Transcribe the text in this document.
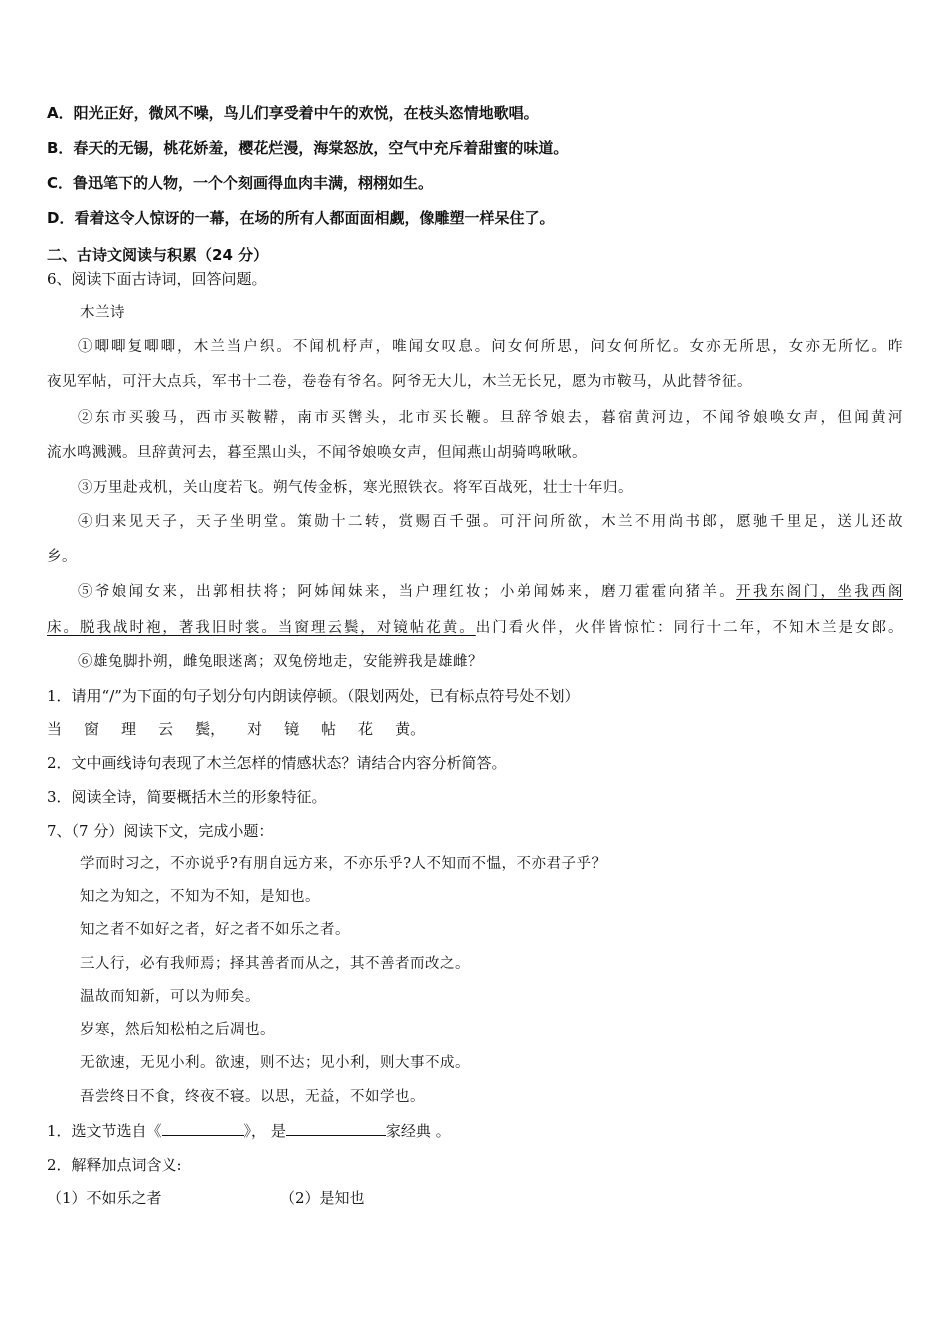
A．阳光正好，微风不噪，鸟儿们享受着中午的欢悦，在枝头恣情地歌唱。
B．春天的无锡，桃花娇羞，樱花烂漫，海棠怒放，空气中充斥着甜蜜的味道。
C．鲁迅笔下的人物，一个个刻画得血肉丰满，栩栩如生。
D．看着这令人惊讶的一幕，在场的所有人都面面相觑，像雕塑一样呆住了。
二、古诗文阅读与积累（24 分）
6、阅读下面古诗词，回答问题。
木兰诗
①唧唧复唧唧，木兰当户织。不闻机杼声，唯闻女叹息。问女何所思，问女何所忆。女亦无所思，女亦无所忆。昨
夜见军帖，可汗大点兵，军书十二卷，卷卷有爷名。阿爷无大儿，木兰无长兄，愿为市鞍马，从此替爷征。
②东市买骏马，西市买鞍鞯，南市买辔头，北市买长鞭。旦辞爷娘去，暮宿黄河边，不闻爷娘唤女声，但闻黄河
流水鸣溅溅。旦辞黄河去，暮至黑山头，不闻爷娘唤女声，但闻燕山胡骑鸣啾啾。
③万里赴戎机，关山度若飞。朔气传金柝，寒光照铁衣。将军百战死，壮士十年归。
④归来见天子，天子坐明堂。策勋十二转，赏赐百千强。可汗问所欲，木兰不用尚书郎，愿驰千里足，送儿还故
乡。
⑤爷娘闻女来，出郭相扶将；阿姊闻妹来，当户理红妆；小弟闻姊来，磨刀霍霍向猪羊。开我东阁门，坐我西阁
床。脱我战时袍，著我旧时裳。当窗理云鬓，对镜帖花黄。出门看火伴，火伴皆惊忙：同行十二年，不知木兰是女郎。
⑥雄兔脚扑朔，雌兔眼迷离；双兔傍地走，安能辨我是雄雌？
1．请用“/”为下面的句子划分句内朗读停顿。（限划两处，已有标点符号处不划）
当 窗 理 云 鬓， 对 镜 帖 花 黄。
2．文中画线诗句表现了木兰怎样的情感状态？请结合内容分析简答。
3．阅读全诗，简要概括木兰的形象特征。
7、（7 分）阅读下文，完成小题：
学而时习之，不亦说乎?有朋自远方来，不亦乐乎?人不知而不愠，不亦君子乎？
知之为知之，不知为不知，是知也。
知之者不如好之者，好之者不如乐之者。
三人行，必有我师焉；择其善者而从之，其不善者而改之。
温故而知新，可以为师矣。
岁寒，然后知松柏之后凋也。
无欲速，无见小利。欲速，则不达；见小利，则大事不成。
吾尝终日不食，终夜不寝。以思，无益，不如学也。
1．选文节选自《	》， 是	家经典 。
2．解释加点词含义:
（1）不如乐之者	（2）是知也
